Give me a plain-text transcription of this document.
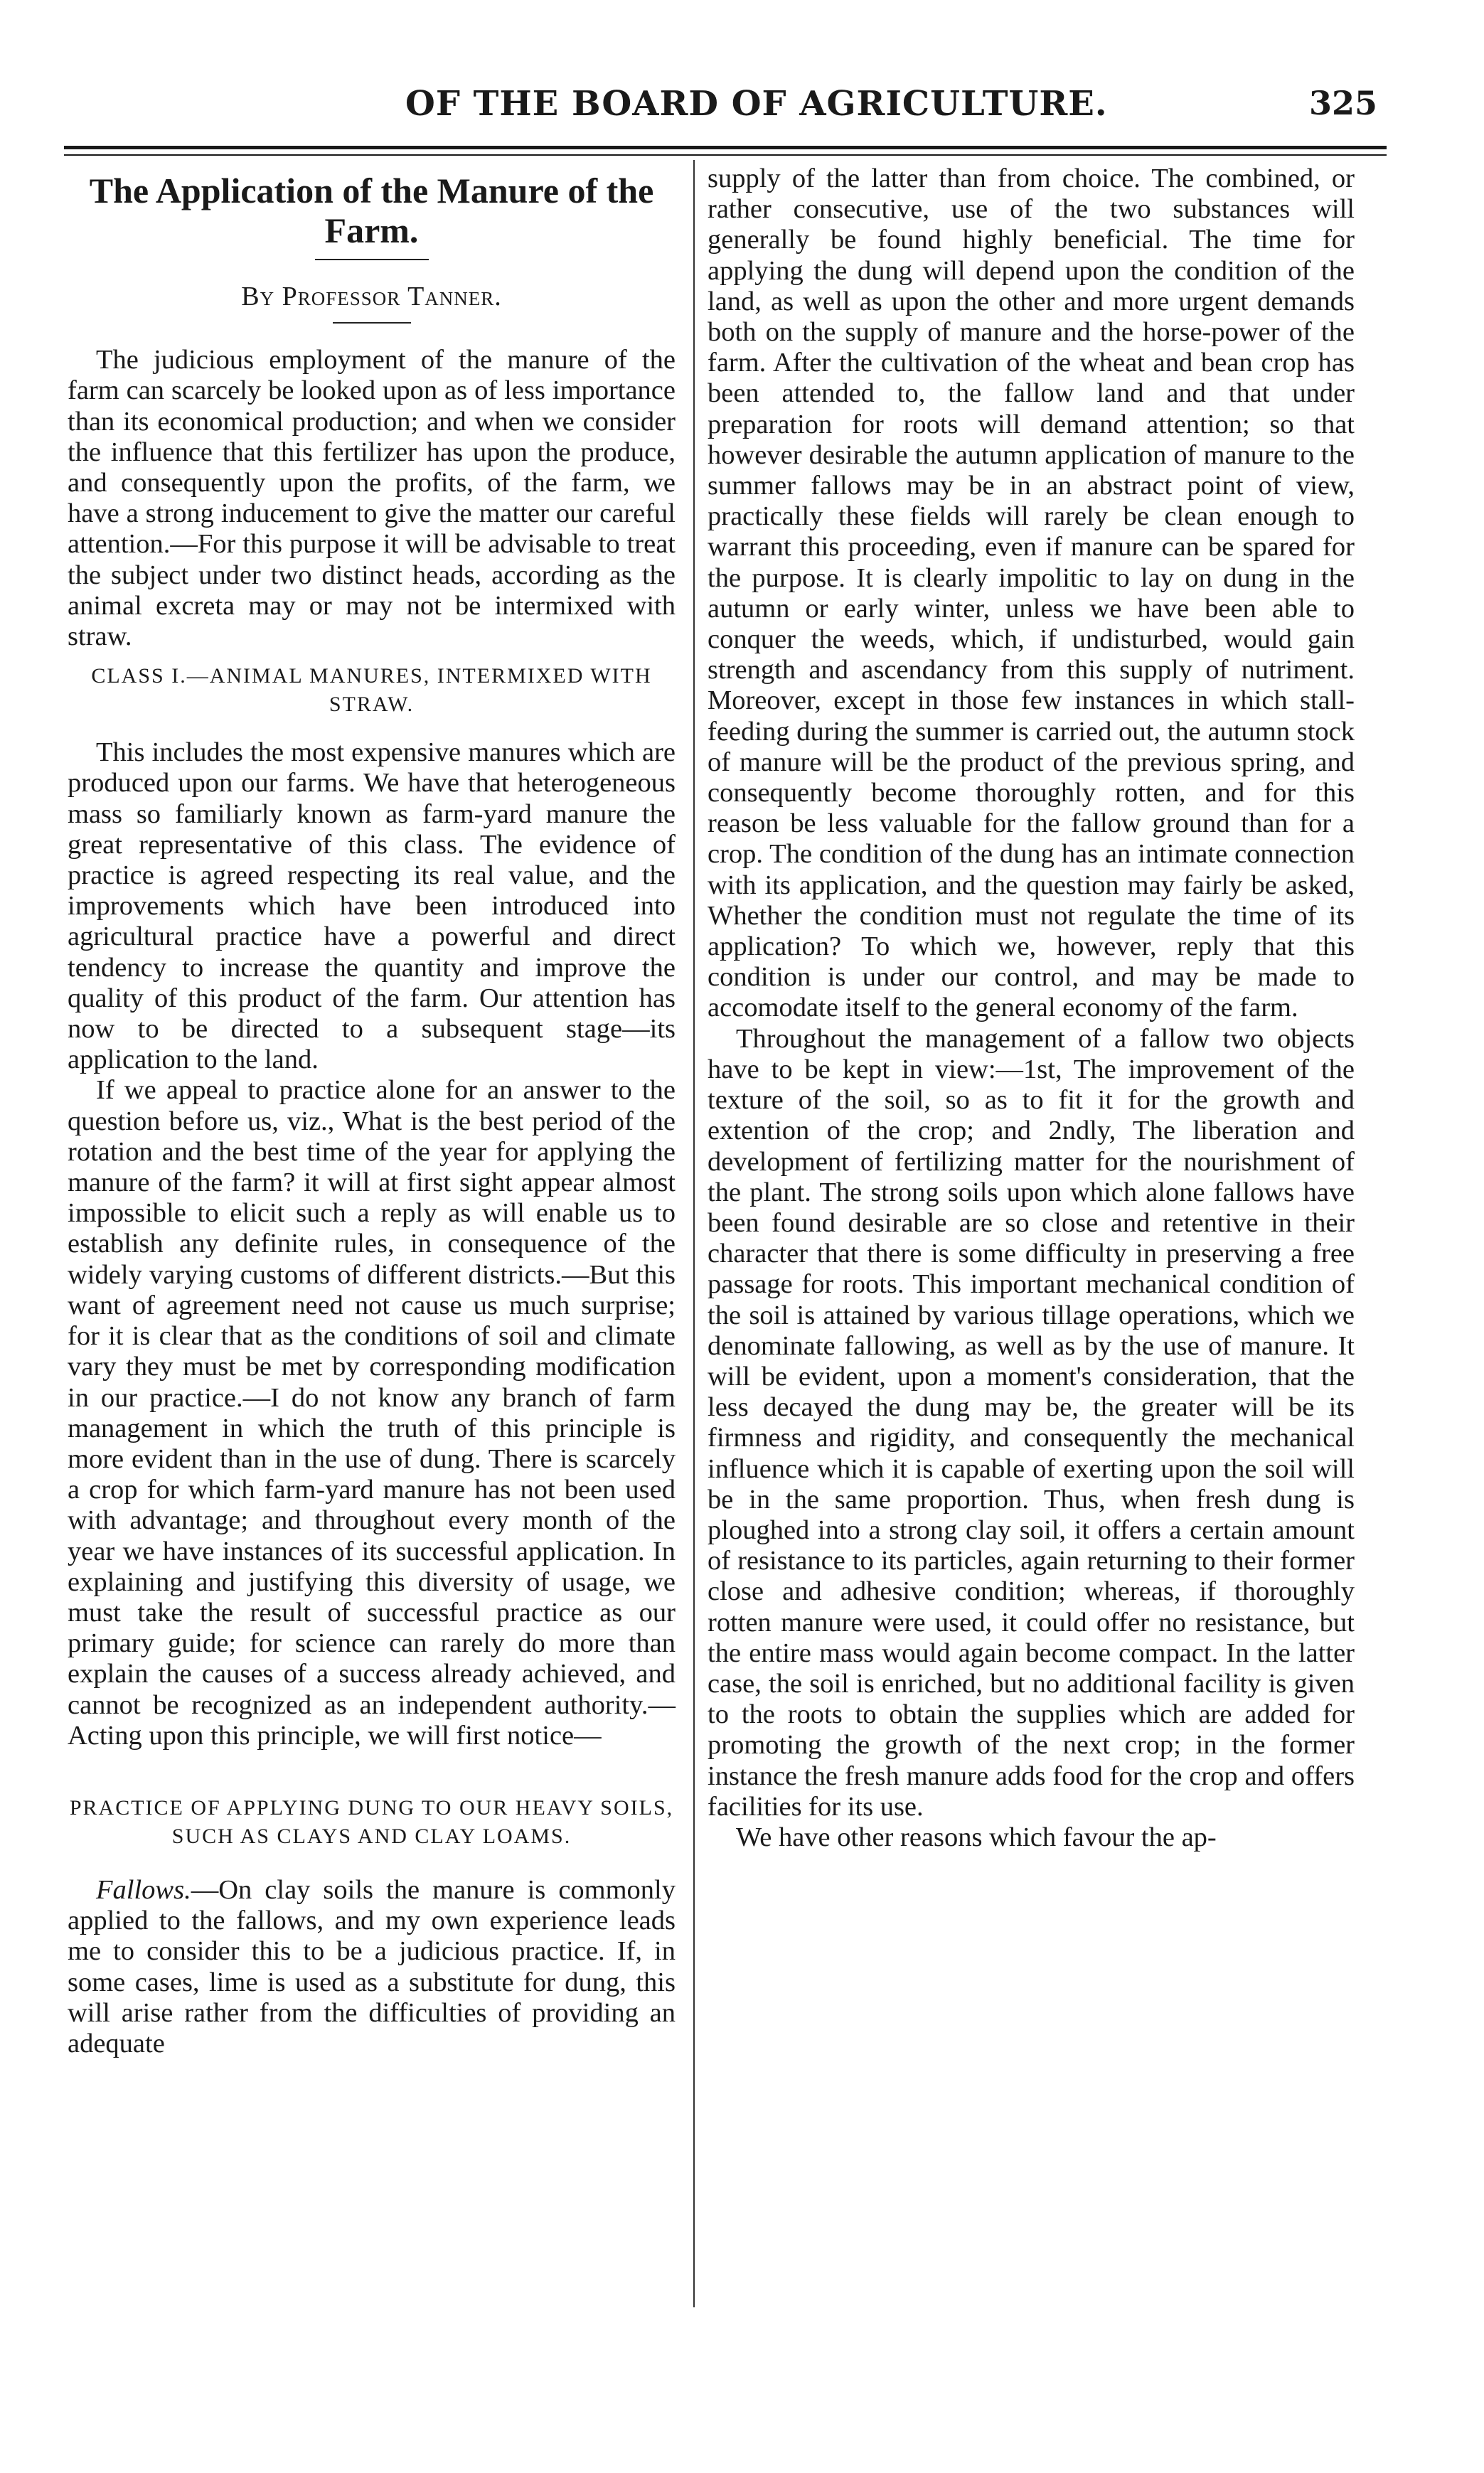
OF THE BOARD OF AGRICULTURE.	325
The Application of the Manure of the Farm.
By Professor Tanner.

The judicious employment of the manure of the farm can scarcely be looked upon as of less importance than its economical production; and when we consider the influence that this fertilizer has upon the produce, and consequently upon the profits, of the farm, we have a strong inducement to give the matter our careful attention.—For this purpose it will be advisable to treat the subject under two distinct heads, according as the animal excreta may or may not be intermixed with straw.

CLASS I.—ANIMAL MANURES, INTERMIXED WITH STRAW.

This includes the most expensive manures which are produced upon our farms. We have that heterogeneous mass so familiarly known as farm-yard manure the great representative of this class. The evidence of practice is agreed respecting its real value, and the improvements which have been introduced into agricultural practice have a powerful and direct tendency to increase the quantity and improve the quality of this product of the farm. Our attention has now to be directed to a subsequent stage—its application to the land.

If we appeal to practice alone for an answer to the question before us, viz., What is the best period of the rotation and the best time of the year for applying the manure of the farm? it will at first sight appear almost impossible to elicit such a reply as will enable us to establish any definite rules, in consequence of the widely varying customs of different districts.—But this want of agreement need not cause us much surprise; for it is clear that as the conditions of soil and climate vary they must be met by corresponding modification in our practice.—I do not know any branch of farm management in which the truth of this principle is more evident than in the use of dung. There is scarcely a crop for which farm-yard manure has not been used with advantage; and throughout every month of the year we have instances of its successful application. In explaining and justifying this diversity of usage, we must take the result of successful practice as our primary guide; for science can rarely do more than explain the causes of a success already achieved, and cannot be recognized as an independent authority.—Acting upon this principle, we will first notice—

PRACTICE OF APPLYING DUNG TO OUR HEAVY SOILS, SUCH AS CLAYS AND CLAY LOAMS.

Fallows.—On clay soils the manure is commonly applied to the fallows, and my own experience leads me to consider this to be a judicious practice. If, in some cases, lime is used as a substitute for dung, this will arise rather from the difficulties of providing an adequate

supply of the latter than from choice. The combined, or rather consecutive, use of the two substances will generally be found highly beneficial. The time for applying the dung will depend upon the condition of the land, as well as upon the other and more urgent demands both on the supply of manure and the horse-power of the farm. After the cultivation of the wheat and bean crop has been attended to, the fallow land and that under preparation for roots will demand attention; so that however desirable the autumn application of manure to the summer fallows may be in an abstract point of view, practically these fields will rarely be clean enough to warrant this proceeding, even if manure can be spared for the purpose. It is clearly impolitic to lay on dung in the autumn or early winter, unless we have been able to conquer the weeds, which, if undisturbed, would gain strength and ascendancy from this supply of nutriment. Moreover, except in those few instances in which stall-feeding during the summer is carried out, the autumn stock of manure will be the product of the previous spring, and consequently become thoroughly rotten, and for this reason be less valuable for the fallow ground than for a crop. The condition of the dung has an intimate connection with its application, and the question may fairly be asked, Whether the condition must not regulate the time of its application? To which we, however, reply that this condition is under our control, and may be made to accomodate itself to the general economy of the farm.

Throughout the management of a fallow two objects have to be kept in view:—1st, The improvement of the texture of the soil, so as to fit it for the growth and extention of the crop; and 2ndly, The liberation and development of fertilizing matter for the nourishment of the plant. The strong soils upon which alone fallows have been found desirable are so close and retentive in their character that there is some difficulty in preserving a free passage for roots. This important mechanical condition of the soil is attained by various tillage operations, which we denominate fallowing, as well as by the use of manure. It will be evident, upon a moment's consideration, that the less decayed the dung may be, the greater will be its firmness and rigidity, and consequently the mechanical influence which it is capable of exerting upon the soil will be in the same proportion. Thus, when fresh dung is ploughed into a strong clay soil, it offers a certain amount of resistance to its particles, again returning to their former close and adhesive condition; whereas, if thoroughly rotten manure were used, it could offer no resistance, but the entire mass would again become compact. In the latter case, the soil is enriched, but no additional facility is given to the roots to obtain the supplies which are added for promoting the growth of the next crop; in the former instance the fresh manure adds food for the crop and offers facilities for its use.

We have other reasons which favour the ap-
